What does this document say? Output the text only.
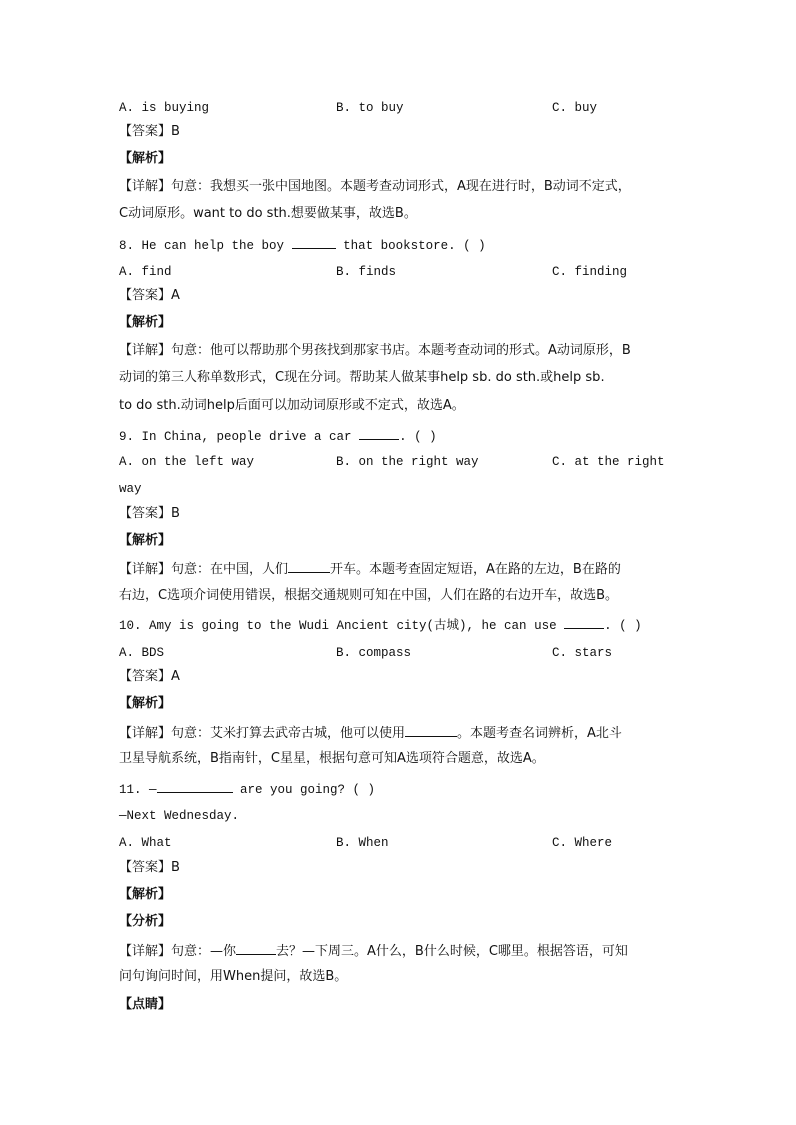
A. is buying	B. to buy	C. buy
【答案】B
【解析】
【详解】句意：我想买一张中国地图。本题考查动词形式，A现在进行时，B动词不定式，
C动词原形。want to do sth.想要做某事，故选B。
8. He can help the boy	that bookstore. ( )
A. find	B. finds	C. finding
【答案】A
【解析】
【详解】句意：他可以帮助那个男孩找到那家书店。本题考查动词的形式。A动词原形，B
动词的第三人称单数形式，C现在分词。帮助某人做某事help sb. do sth.或help sb.
to do sth.动词help后面可以加动词原形或不定式，故选A。
9. In China, people drive a car	. ( )
A. on the left way	B. on the right way	C. at the right
way
【答案】B
【解析】
【详解】句意：在中国，人们	开车。本题考查固定短语，A在路的左边，B在路的
右边，C选项介词使用错误，根据交通规则可知在中国，人们在路的右边开车，故选B。
10. Amy is going to the Wudi Ancient city(古城), he can use	. ( )
A. BDS	B. compass	C. stars
【答案】A
【解析】
【详解】句意：艾米打算去武帝古城，他可以使用	。本题考查名词辨析，A北斗
卫星导航系统，B指南针，C星星，根据句意可知A选项符合题意，故选A。
11. —	are you going? ( )
—Next Wednesday.
A. What	B. When	C. Where
【答案】B
【解析】
【分析】
【详解】句意：—你	去？—下周三。A什么，B什么时候，C哪里。根据答语，可知
问句询问时间，用When提问，故选B。
【点睛】
